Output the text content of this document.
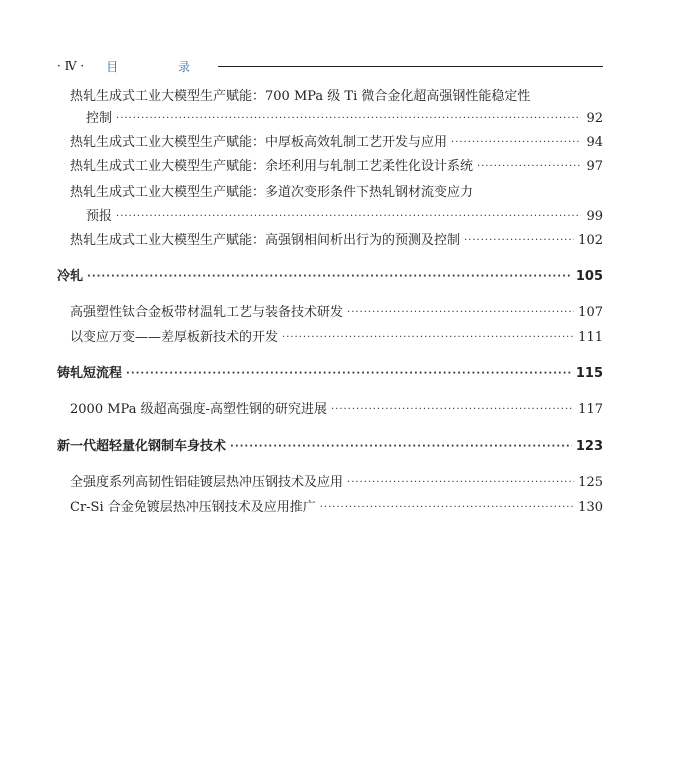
· Ⅳ · 目 录
热轧生成式工业大模型生产赋能：700 MPa 级 Ti 微合金化超高强钢性能稳定性
控制 ·····	92
热轧生成式工业大模型生产赋能：中厚板高效轧制工艺开发与应用 ·····	94
热轧生成式工业大模型生产赋能：余坯利用与轧制工艺柔性化设计系统 ·····	97
热轧生成式工业大模型生产赋能：多道次变形条件下热轧钢材流变应力
预报 ·····	99
热轧生成式工业大模型生产赋能：高强钢相间析出行为的预测及控制 ·····	102
冷轧 ·····	105
高强塑性钛合金板带材温轧工艺与装备技术研发 ·····	107
以变应万变——差厚板新技术的开发 ·····	111
铸轧短流程 ·····	115
2000 MPa 级超高强度-高塑性钢的研究进展 ·····	117
新一代超轻量化钢制车身技术 ·····	123
全强度系列高韧性铝硅镀层热冲压钢技术及应用 ·····	125
Cr-Si 合金免镀层热冲压钢技术及应用推广 ·····	130
